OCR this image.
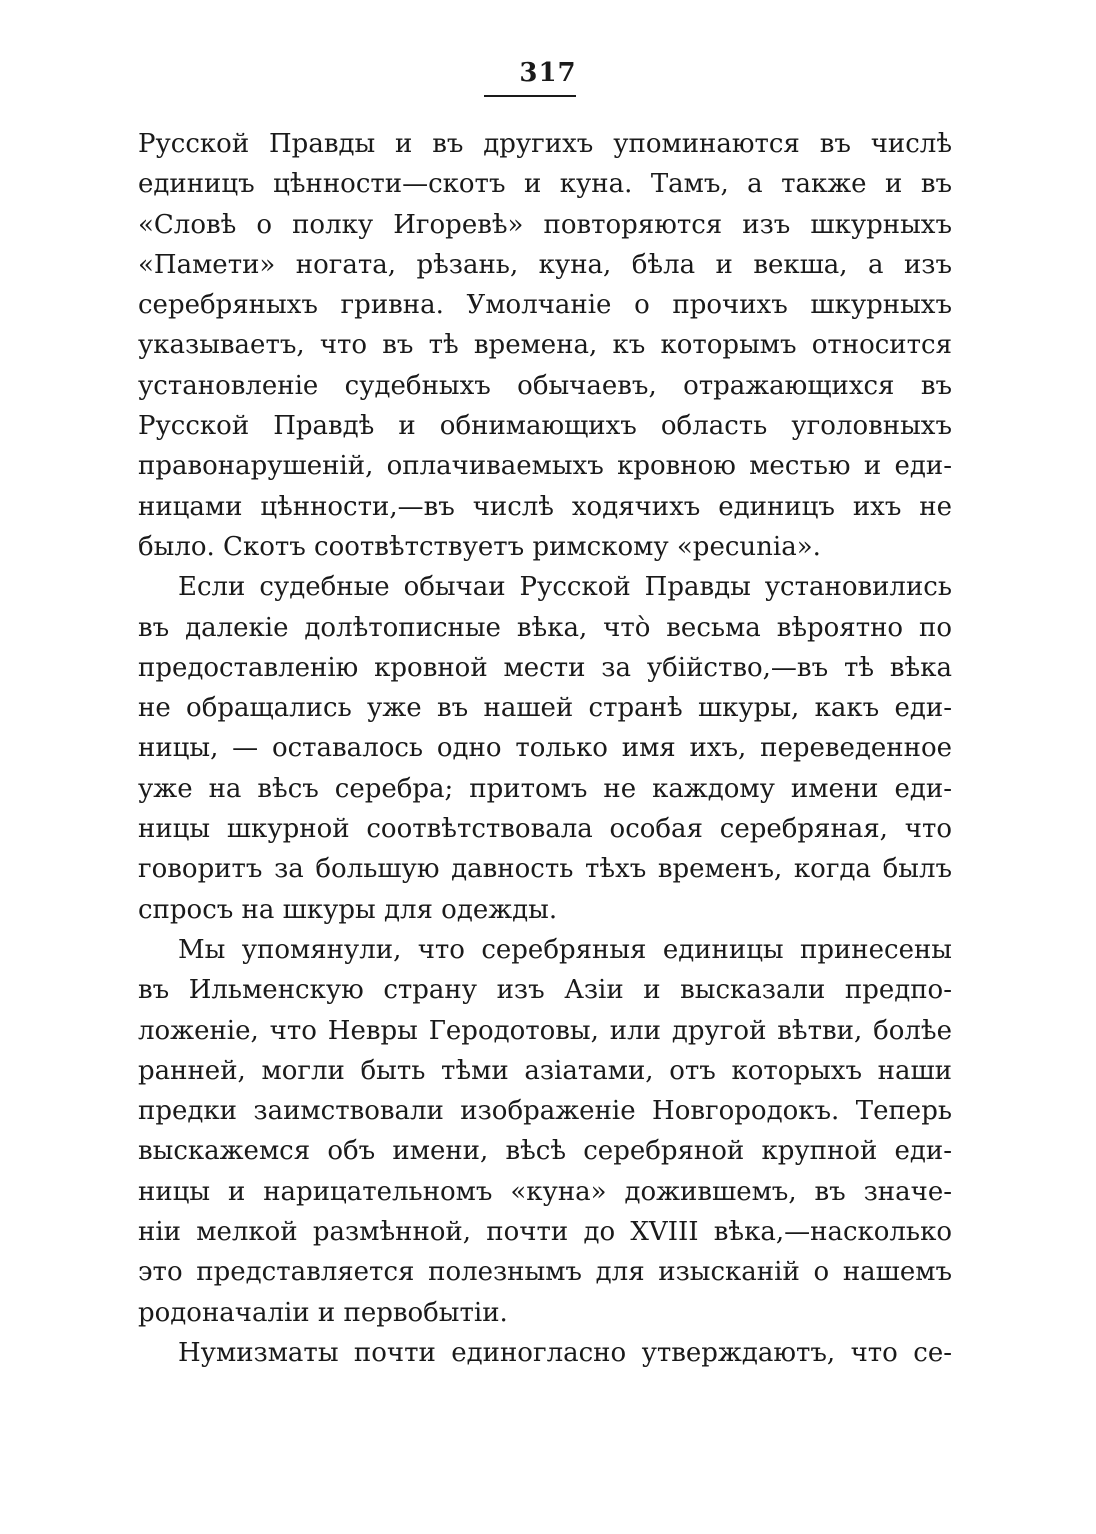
317
Русской Правды и въ другихъ упоминаются въ числѣ
единицъ цѣнности—скотъ и куна. Тамъ, а также и въ
«Словѣ о полку Игоревѣ» повторяются изъ шкурныхъ
«Памети» ногата, рѣзань, куна, бѣла и векша, а изъ
серебряныхъ гривна. Умолчаніе о прочихъ шкурныхъ
указываетъ, что въ тѣ времена, къ которымъ относится
установленіе судебныхъ обычаевъ, отражающихся въ
Русской Правдѣ и обнимающихъ область уголовныхъ
правонарушеній, оплачиваемыхъ кровною местью и еди-
ницами цѣнности,—въ числѣ ходячихъ единицъ ихъ не
было. Скотъ соотвѣтствуетъ римскому «pecunia».
Если судебные обычаи Русской Правды установились
въ далекіе долѣтописные вѣка, что̀ весьма вѣроятно по
предоставленію кровной мести за убійство,—въ тѣ вѣка
не обращались уже въ нашей странѣ шкуры, какъ еди-
ницы, — оставалось одно только имя ихъ, переведенное
уже на вѣсъ серебра; притомъ не каждому имени еди-
ницы шкурной соотвѣтствовала особая серебряная, что
говоритъ за большую давность тѣхъ временъ, когда былъ
спросъ на шкуры для одежды.
Мы упомянули, что серебряныя единицы принесены
въ Ильменскую страну изъ Азіи и высказали предпо-
ложеніе, что Невры Геродотовы, или другой вѣтви, болѣе
ранней, могли быть тѣми азіатами, отъ которыхъ наши
предки заимствовали изображеніе Новгородокъ. Теперь
выскажемся объ имени, вѣсѣ серебряной крупной еди-
ницы и нарицательномъ «куна» дожившемъ, въ значе-
ніи мелкой размѣнной, почти до XVIII вѣка,—насколько
это представляется полезнымъ для изысканій о нашемъ
родоначаліи и первобытіи.
Нумизматы почти единогласно утверждаютъ, что се-
